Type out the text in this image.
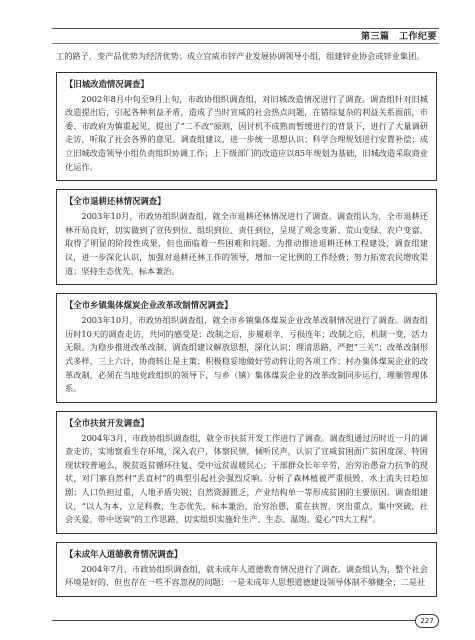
第三篇　工作纪要

工的路子，变产品优势为经济优势；成立宜威市锌产业发展协调领导小组，组建锌业协会或锌业集团。

【旧城改造情况调查】

2002年8月中旬至9月上旬，市政协组织调查组，对旧城改造情况进行了调查。调查组针对旧城改造提出后，引起各种利益矛盾，造成了当时宣威的社会热点问题，在错综复杂的利益关系面前，市委、市政府为慎重起见，提出了“二不改”原则，因讨机不成熟而暂缓进行的背景下，进行了大量调研走访，听取了社会各界的意见。调查组建议，进一步统一思想认识；科学合理规划进行安置补偿；成立旧城改造领导小组负责组织协调工作；上下级部门的改造应以85年规划为基础，旧城改造采取商业化运作。

【全市退耕还林情况调查】

2003年10月，市政协组织调查组，就全市退耕还林情况进行了调查。调查组认为，全市退耕还林开局良好，切实做到了宣传到位、组织到位、责任到位，呈现了观念变新、荒山变绿、农户变富、取得了明显的阶段性成果，但也面临着一些困难和问题。为推动推进退耕还林工程建设，调查组建议，进一步深化认识，加强对退耕还林工作的领导，增加一定比例的工作经费；努力拓宽农民增收渠道；坚持生态优先、标本兼治。

【全市乡镇集体煤炭企业改革改制情况调查】

2003年10月，市政协组织调查组，就全市乡镇集体煤炭企业改革改制情况进行了调查。调查组历时10天的调查走访，共同的感受是：改制之后，步履艰辛、亏损连年；改制之后，机制一变，活力无限。为稳步推进改革改制，调查组建议解放思想，深化认识；理清思路，严把“三关”；改革改制形式多样，三上六计，协商转让是主策；积极稳妥地做好劳动转让的各项工作；村办集体煤炭企业的改革改制，必须在当地党政组织的领导下，与乡（镇）集体煤炭企业的改革改制同步运行，理顺管理体系。

【全市扶贫开发调查】

2004年3月，市政协组织调查组，就全市扶贫开发工作进行了调查。调查组通过历时近一月的调查走访，实地察看生存环境，深入农户，体察民情，倾听民声，认识了宣威贫困面广贫困度深、特困现状较普遍么，脱贫返贫循环往复、受中远贫温暖民心；干部群众长年辛劳，治穷治愚奋力抗争的现状，对门寨自然村“丢直村”的典型引起社会强烈反响。分析了森林植被严重损毁，水土流失日趋加剧；人口负担过重，人地矛盾尖锐；自然资源匮乏，产业结构单一等形成贫困的主要原因。调查组建议，“以人为本，立足科教，生态优先，标本兼治，治穷治愚，重在扶智，突出重点，集中突破，社会关爱，带中送炭”的工作思路，切实组织实施好生产、生态、温饱、爱心“四大工程”。

【未成年人道德教育情况调查】

2004年7月，市政协组织调查组，就未成年人道德教育情况进行了调查。调查组认为，整个社会环境是好的，但也存在一些不容忽视的问题：一是未成年人思想道德建设领导体制不够健全；二是社

227
